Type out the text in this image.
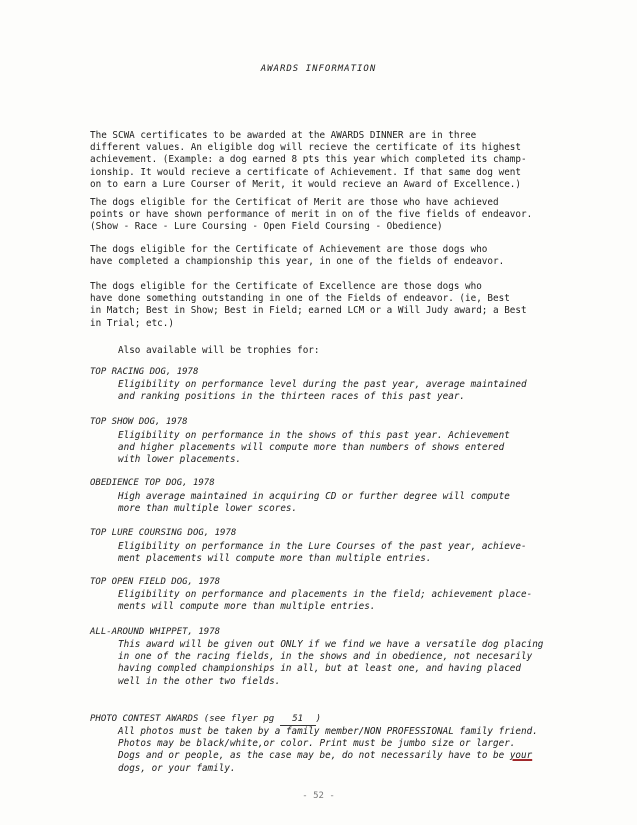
AWARDS INFORMATION
The SCWA certificates to be awarded at the AWARDS DINNER are in three
different values. An eligible dog will recieve the certificate of its highest
achievement. (Example: a dog earned 8 pts this year which completed its champ-
ionship. It would recieve a certificate of Achievement. If that same dog went
on to earn a Lure Courser of Merit, it would recieve an Award of Excellence.)
The dogs eligible for the Certificat of Merit are those who have achieved
points or have shown performance of merit in on of the five fields of endeavor.
(Show - Race - Lure Coursing - Open Field Coursing - Obedience)
The dogs eligible for the Certificate of Achievement are those dogs who
have completed a championship this year, in one of the fields of endeavor.
The dogs eligible for the Certificate of Excellence are those dogs who
have done something outstanding in one of the Fields of endeavor. (ie, Best
in Match; Best in Show; Best in Field; earned LCM or a Will Judy award; a Best
in Trial; etc.)
Also available will be trophies for:
TOP RACING DOG, 1978
Eligibility on performance level during the past year, average maintained
and ranking positions in the thirteen races of this past year.
TOP SHOW DOG, 1978
Eligibility on performance in the shows of this past year. Achievement
and higher placements will compute more than numbers of shows entered
with lower placements.
OBEDIENCE TOP DOG, 1978
High average maintained in acquiring CD or further degree will compute
more than multiple lower scores.
TOP LURE COURSING DOG, 1978
Eligibility on performance in the Lure Courses of the past year, achieve-
ment placements will compute more than multiple entries.
TOP OPEN FIELD DOG, 1978
Eligibility on performance and placements in the field; achievement place-
ments will compute more than multiple entries.
ALL-AROUND WHIPPET, 1978
This award will be given out ONLY if we find we have a versatile dog placing
in one of the racing fields, in the shows and in obedience, not necesarily
having compled championships in all, but at least one, and having placed
well in the other two fields.
PHOTO CONTEST AWARDS (see flyer pg 51 )
All photos must be taken by a family member/NON PROFESSIONAL family friend.
Photos may be black/white,or color. Print must be jumbo size or larger.
Dogs and or people, as the case may be, do not necessarily have to be your
dogs, or your family.
- 52 -
